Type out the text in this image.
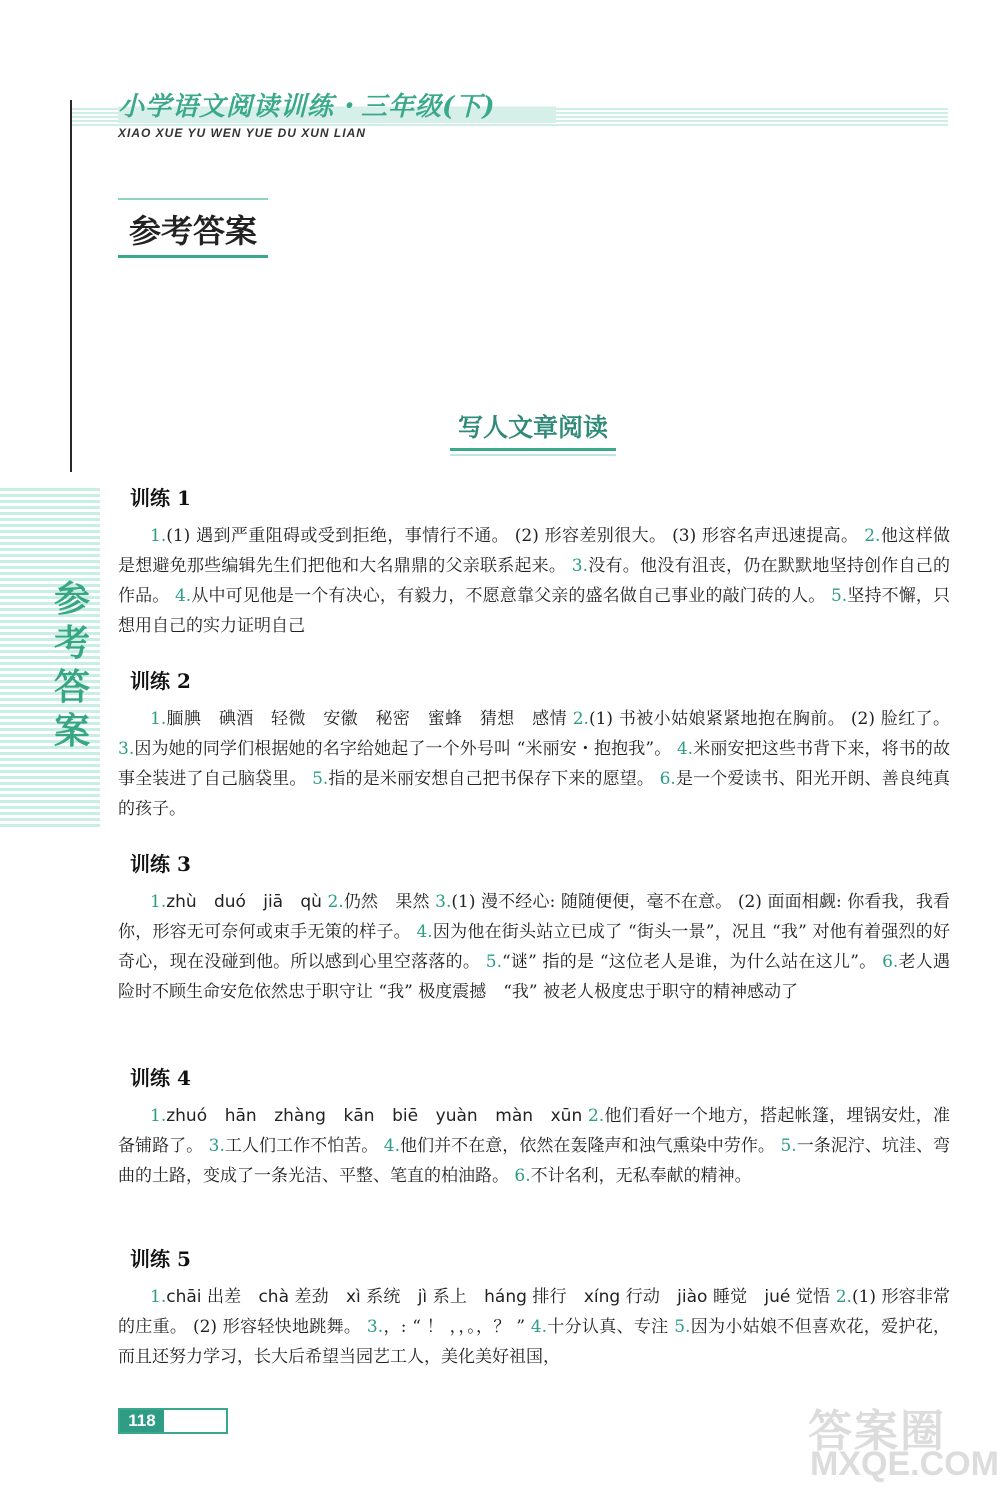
小学语文阅读训练・三年级(下)
XIAO XUE YU WEN YUE DU XUN LIAN
参考答案
参
考
答
案
写人文章阅读
训练 1
1.(1) 遇到严重阻碍或受到拒绝，事情行不通。 (2) 形容差别很大。 (3) 形容名声迅速提高。 2.他这样做是想避免那些编辑先生们把他和大名鼎鼎的父亲联系起来。 3.没有。他没有沮丧，仍在默默地坚持创作自己的作品。 4.从中可见他是一个有决心，有毅力，不愿意靠父亲的盛名做自己事业的敲门砖的人。 5.坚持不懈，只想用自己的实力证明自己
训练 2
1.腼腆　碘酒　轻微　安徽　秘密　蜜蜂　猜想　感情 2.(1) 书被小姑娘紧紧地抱在胸前。 (2) 脸红了。 3.因为她的同学们根据她的名字给她起了一个外号叫 “米丽安・抱抱我”。 4.米丽安把这些书背下来，将书的故事全装进了自己脑袋里。 5.指的是米丽安想自己把书保存下来的愿望。 6.是一个爱读书、阳光开朗、善良纯真的孩子。
训练 3
1.zhù　duó　jiā　qù 2.仍然　果然 3.(1) 漫不经心: 随随便便，毫不在意。 (2) 面面相觑: 你看我，我看你，形容无可奈何或束手无策的样子。 4.因为他在街头站立已成了 “街头一景”，况且 “我” 对他有着强烈的好奇心，现在没碰到他。所以感到心里空落落的。 5.“谜” 指的是 “这位老人是谁，为什么站在这儿”。 6.老人遇险时不顾生命安危依然忠于职守让 “我” 极度震撼　“我” 被老人极度忠于职守的精神感动了
训练 4
1.zhuó　hān　zhàng　kān　biē　yuàn　màn　xūn 2.他们看好一个地方，搭起帐篷，埋锅安灶，准备铺路了。 3.工人们工作不怕苦。 4.他们并不在意，依然在轰隆声和浊气熏染中劳作。 5.一条泥泞、坑洼、弯曲的土路，变成了一条光洁、平整、笔直的柏油路。 6.不计名利，无私奉献的精神。
训练 5
1.chāi 出差　chà 差劲　xì 系统　jì 系上　háng 排行　xíng 行动　jiào 睡觉　jué 觉悟 2.(1) 形容非常的庄重。 (2) 形容轻快地跳舞。 3.，: “ ！ ，，。，？ ” 4.十分认真、专注 5.因为小姑娘不但喜欢花，爱护花，而且还努力学习，长大后希望当园艺工人，美化美好祖国，
118	答案圈
MXQE.COM
